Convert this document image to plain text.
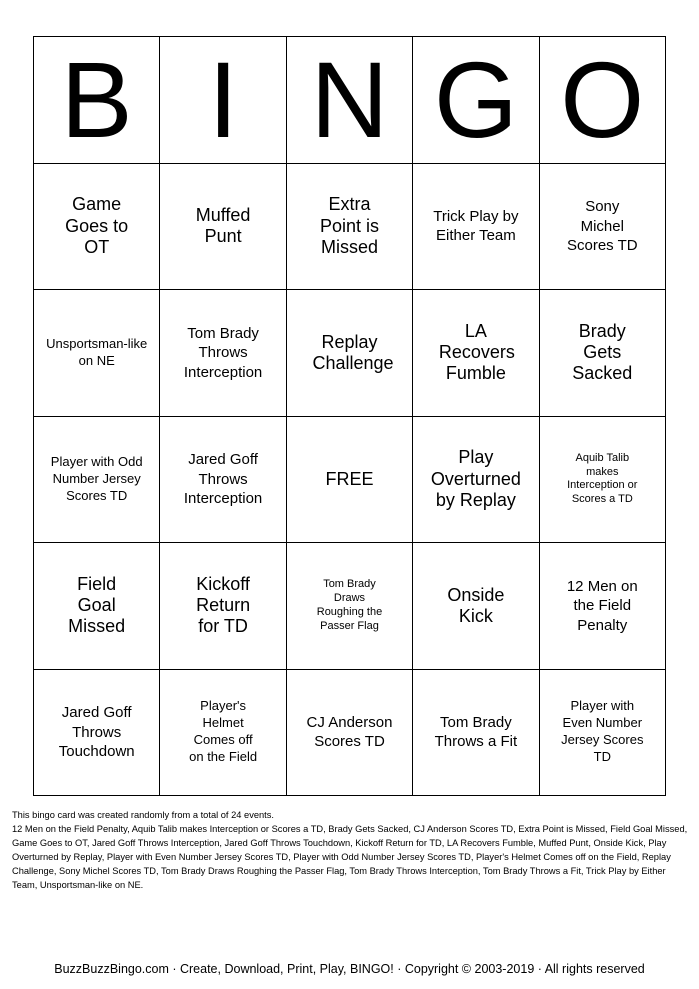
B I N G O
Game Goes to OT
Muffed Punt
Extra Point is Missed
Trick Play by Either Team
Sony Michel Scores TD
Unsportsman-like on NE
Tom Brady Throws Interception
Replay Challenge
LA Recovers Fumble
Brady Gets Sacked
Player with Odd Number Jersey Scores TD
Jared Goff Throws Interception
FREE
Play Overturned by Replay
Aquib Talib makes Interception or Scores a TD
Field Goal Missed
Kickoff Return for TD
Tom Brady Draws Roughing the Passer Flag
Onside Kick
12 Men on the Field Penalty
Jared Goff Throws Touchdown
Player's Helmet Comes off on the Field
CJ Anderson Scores TD
Tom Brady Throws a Fit
Player with Even Number Jersey Scores TD

This bingo card was created randomly from a total of 24 events.

12 Men on the Field Penalty, Aquib Talib makes Interception or Scores a TD, Brady Gets Sacked, CJ Anderson Scores TD, Extra Point is Missed, Field Goal Missed, Game Goes to OT, Jared Goff Throws Interception, Jared Goff Throws Touchdown, Kickoff Return for TD, LA Recovers Fumble, Muffed Punt, Onside Kick, Play Overturned by Replay, Player with Even Number Jersey Scores TD, Player with Odd Number Jersey Scores TD, Player's Helmet Comes off on the Field, Replay Challenge, Sony Michel Scores TD, Tom Brady Draws Roughing the Passer Flag, Tom Brady Throws Interception, Tom Brady Throws a Fit, Trick Play by Either Team, Unsportsman-like on NE.

BuzzBuzzBingo.com · Create, Download, Print, Play, BINGO! · Copyright © 2003-2019 · All rights reserved
